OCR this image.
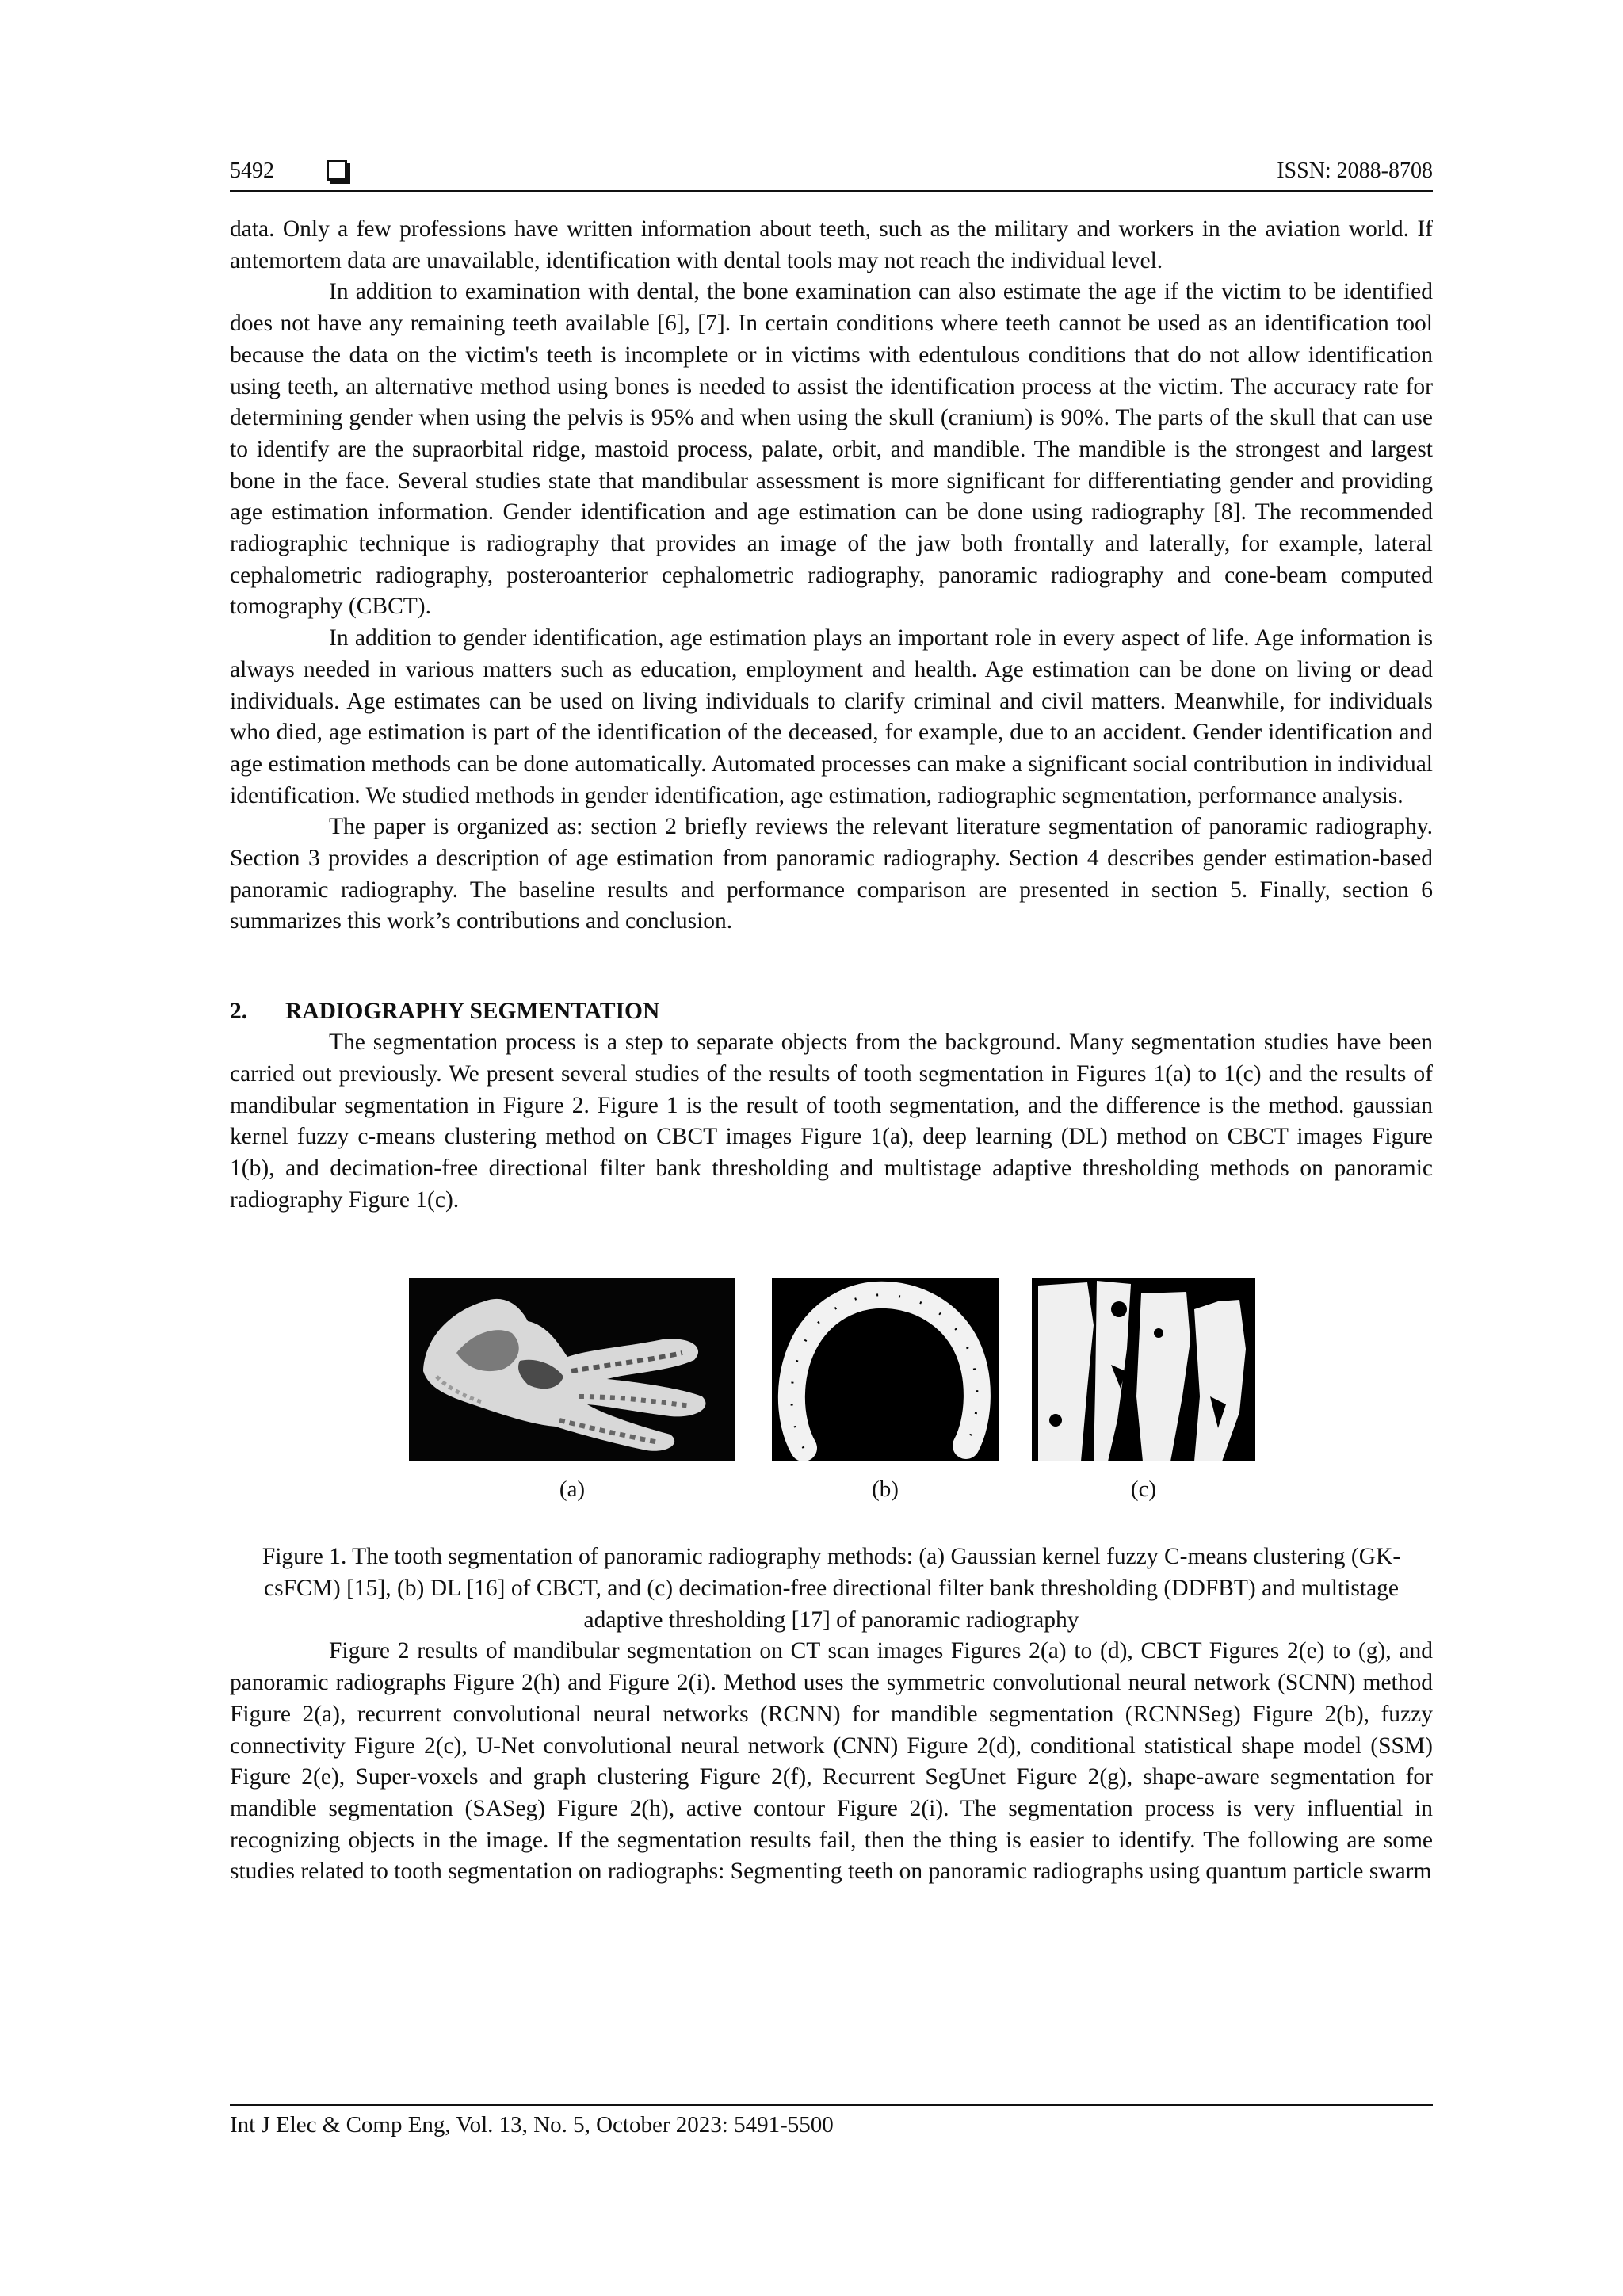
5492	ISSN: 2088-8708

data. Only a few professions have written information about teeth, such as the military and workers in the aviation world. If antemortem data are unavailable, identification with dental tools may not reach the individual level.

In addition to examination with dental, the bone examination can also estimate the age if the victim to be identified does not have any remaining teeth available [6], [7]. In certain conditions where teeth cannot be used as an identification tool because the data on the victim's teeth is incomplete or in victims with edentulous conditions that do not allow identification using teeth, an alternative method using bones is needed to assist the identification process at the victim. The accuracy rate for determining gender when using the pelvis is 95% and when using the skull (cranium) is 90%. The parts of the skull that can use to identify are the supraorbital ridge, mastoid process, palate, orbit, and mandible. The mandible is the strongest and largest bone in the face. Several studies state that mandibular assessment is more significant for differentiating gender and providing age estimation information. Gender identification and age estimation can be done using radiography [8]. The recommended radiographic technique is radiography that provides an image of the jaw both frontally and laterally, for example, lateral cephalometric radiography, posteroanterior cephalometric radiography, panoramic radiography and cone-beam computed tomography (CBCT).

In addition to gender identification, age estimation plays an important role in every aspect of life. Age information is always needed in various matters such as education, employment and health. Age estimation can be done on living or dead individuals. Age estimates can be used on living individuals to clarify criminal and civil matters. Meanwhile, for individuals who died, age estimation is part of the identification of the deceased, for example, due to an accident. Gender identification and age estimation methods can be done automatically. Automated processes can make a significant social contribution in individual identification. We studied methods in gender identification, age estimation, radiographic segmentation, performance analysis.

The paper is organized as: section 2 briefly reviews the relevant literature segmentation of panoramic radiography. Section 3 provides a description of age estimation from panoramic radiography. Section 4 describes gender estimation-based panoramic radiography. The baseline results and performance comparison are presented in section 5. Finally, section 6 summarizes this work’s contributions and conclusion.

2. RADIOGRAPHY SEGMENTATION

The segmentation process is a step to separate objects from the background. Many segmentation studies have been carried out previously. We present several studies of the results of tooth segmentation in Figures 1(a) to 1(c) and the results of mandibular segmentation in Figure 2. Figure 1 is the result of tooth segmentation, and the difference is the method. gaussian kernel fuzzy c-means clustering method on CBCT images Figure 1(a), deep learning (DL) method on CBCT images Figure 1(b), and decimation-free directional filter bank thresholding and multistage adaptive thresholding methods on panoramic radiography Figure 1(c).

(a)	(b)	(c)
Figure 1. The tooth segmentation of panoramic radiography methods: (a) Gaussian kernel fuzzy C-means clustering (GK-csFCM) [15], (b) DL [16] of CBCT, and (c) decimation-free directional filter bank thresholding (DDFBT) and multistage adaptive thresholding [17] of panoramic radiography

Figure 2 results of mandibular segmentation on CT scan images Figures 2(a) to (d), CBCT Figures 2(e) to (g), and panoramic radiographs Figure 2(h) and Figure 2(i). Method uses the symmetric convolutional neural network (SCNN) method Figure 2(a), recurrent convolutional neural networks (RCNN) for mandible segmentation (RCNNSeg) Figure 2(b), fuzzy connectivity Figure 2(c), U-Net convolutional neural network (CNN) Figure 2(d), conditional statistical shape model (SSM) Figure 2(e), Super-voxels and graph clustering Figure 2(f), Recurrent SegUnet Figure 2(g), shape-aware segmentation for mandible segmentation (SASeg) Figure 2(h), active contour Figure 2(i). The segmentation process is very influential in recognizing objects in the image. If the segmentation results fail, then the thing is easier to identify. The following are some studies related to tooth segmentation on radiographs: Segmenting teeth on panoramic radiographs using quantum particle swarm

Int J Elec & Comp Eng, Vol. 13, No. 5, October 2023: 5491-5500
